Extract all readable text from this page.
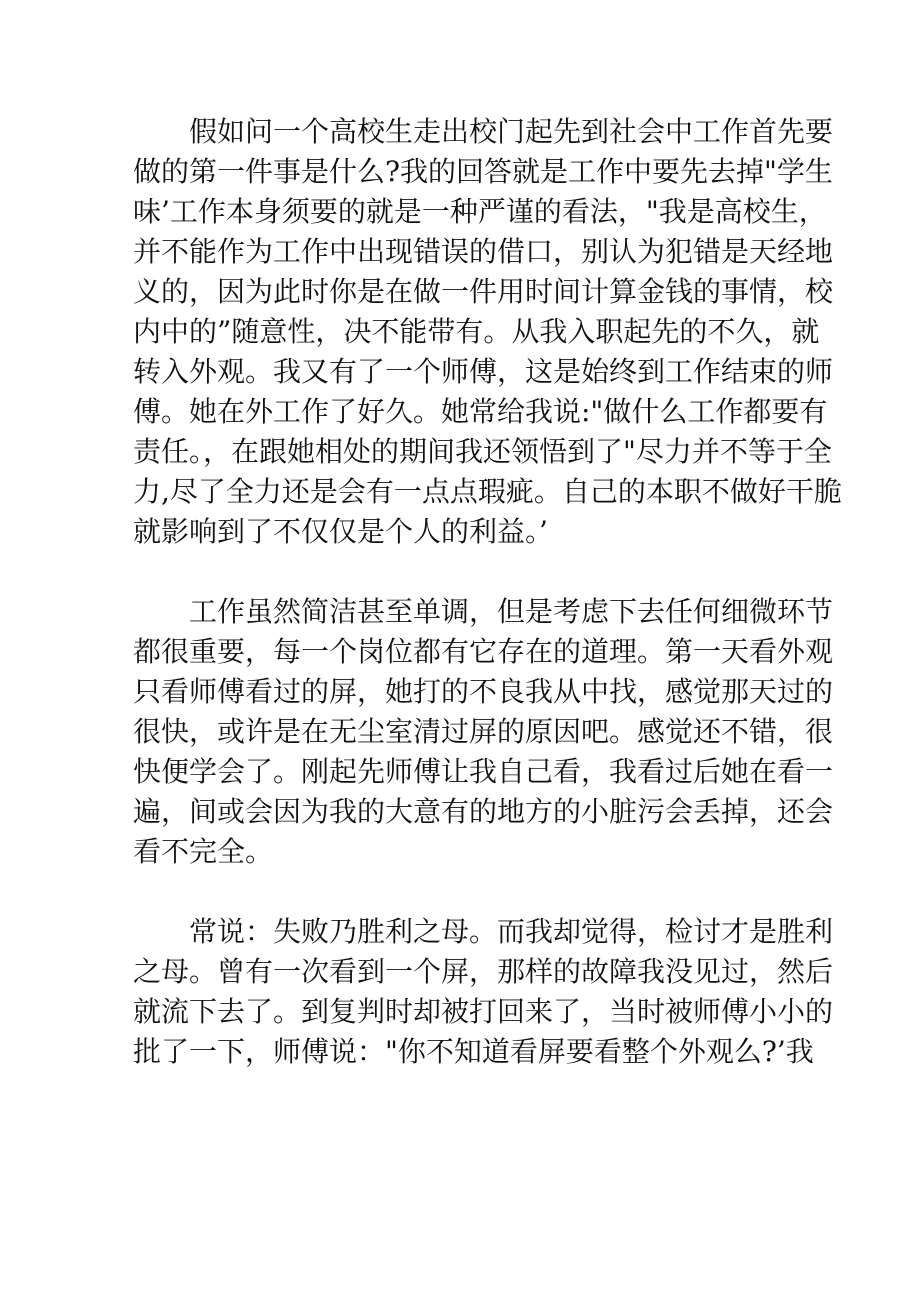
假如问一个高校生走出校门起先到社会中工作首先要
做的第一件事是什么?我的回答就是工作中要先去掉"学生
味’工作本身须要的就是一种严谨的看法，"我是高校生，
并不能作为工作中出现错误的借口，别认为犯错是天经地
义的，因为此时你是在做一件用时间计算金钱的事情，校
内中的”随意性，决不能带有。从我入职起先的不久，就
转入外观。我又有了一个师傅，这是始终到工作结束的师
傅。她在外工作了好久。她常给我说:"做什么工作都要有
责任。，在跟她相处的期间我还领悟到了"尽力并不等于全
力,尽了全力还是会有一点点瑕疵。自己的本职不做好干脆
就影响到了不仅仅是个人的利益。’

工作虽然简洁甚至单调，但是考虑下去任何细微环节
都很重要，每一个岗位都有它存在的道理。第一天看外观
只看师傅看过的屏，她打的不良我从中找，感觉那天过的
很快，或许是在无尘室清过屏的原因吧。感觉还不错，很
快便学会了。刚起先师傅让我自己看，我看过后她在看一
遍，间或会因为我的大意有的地方的小脏污会丢掉，还会
看不完全。

常说：失败乃胜利之母。而我却觉得，检讨才是胜利
之母。曾有一次看到一个屏，那样的故障我没见过，然后
就流下去了。到复判时却被打回来了，当时被师傅小小的
批了一下，师傅说："你不知道看屏要看整个外观么?’我
